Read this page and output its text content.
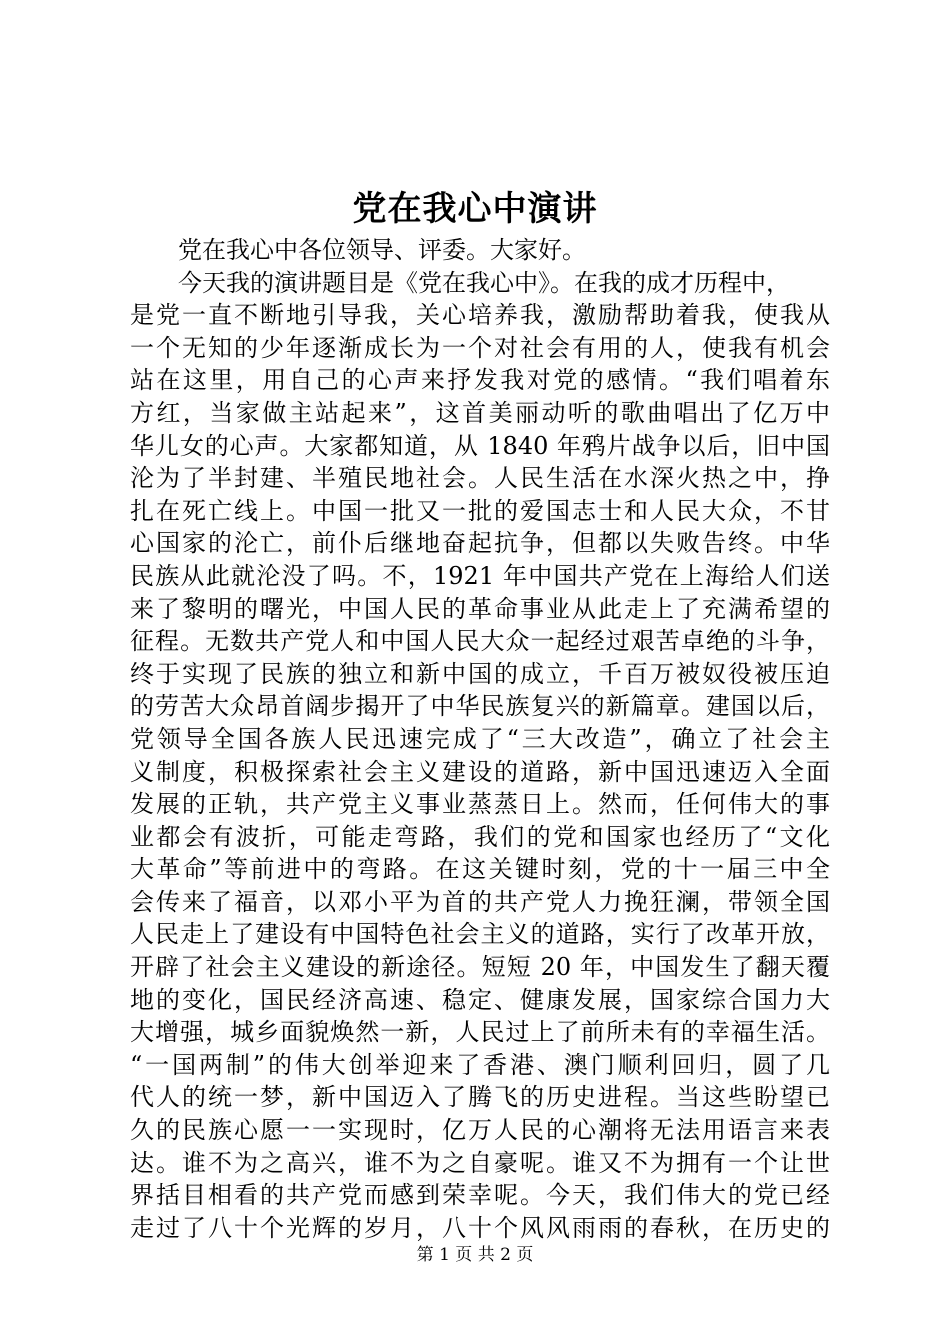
党在我心中演讲
党在我心中各位领导、评委。大家好。
今天我的演讲题目是《党在我心中》。在我的成才历程中，
是党一直不断地引导我，关心培养我，激励帮助着我，使我从
一个无知的少年逐渐成长为一个对社会有用的人，使我有机会
站在这里，用自己的心声来抒发我对党的感情。“我们唱着东
方红，当家做主站起来”，这首美丽动听的歌曲唱出了亿万中
华儿女的心声。大家都知道，从 1840 年鸦片战争以后，旧中国
沦为了半封建、半殖民地社会。人民生活在水深火热之中，挣
扎在死亡线上。中国一批又一批的爱国志士和人民大众，不甘
心国家的沦亡，前仆后继地奋起抗争，但都以失败告终。中华
民族从此就沦没了吗。不，1921 年中国共产党在上海给人们送
来了黎明的曙光，中国人民的革命事业从此走上了充满希望的
征程。无数共产党人和中国人民大众一起经过艰苦卓绝的斗争，
终于实现了民族的独立和新中国的成立，千百万被奴役被压迫
的劳苦大众昂首阔步揭开了中华民族复兴的新篇章。建国以后，
党领导全国各族人民迅速完成了“三大改造”，确立了社会主
义制度，积极探索社会主义建设的道路，新中国迅速迈入全面
发展的正轨，共产党主义事业蒸蒸日上。然而，任何伟大的事
业都会有波折，可能走弯路，我们的党和国家也经历了“文化
大革命”等前进中的弯路。在这关键时刻，党的十一届三中全
会传来了福音，以邓小平为首的共产党人力挽狂澜，带领全国
人民走上了建设有中国特色社会主义的道路，实行了改革开放，
开辟了社会主义建设的新途径。短短 20 年，中国发生了翻天覆
地的变化，国民经济高速、稳定、健康发展，国家综合国力大
大增强，城乡面貌焕然一新，人民过上了前所未有的幸福生活。
“一国两制”的伟大创举迎来了香港、澳门顺利回归，圆了几
代人的统一梦，新中国迈入了腾飞的历史进程。当这些盼望已
久的民族心愿一一实现时，亿万人民的心潮将无法用语言来表
达。谁不为之高兴，谁不为之自豪呢。谁又不为拥有一个让世
界括目相看的共产党而感到荣幸呢。今天，我们伟大的党已经
走过了八十个光辉的岁月，八十个风风雨雨的春秋，在历史的
第 1 页 共 2 页
